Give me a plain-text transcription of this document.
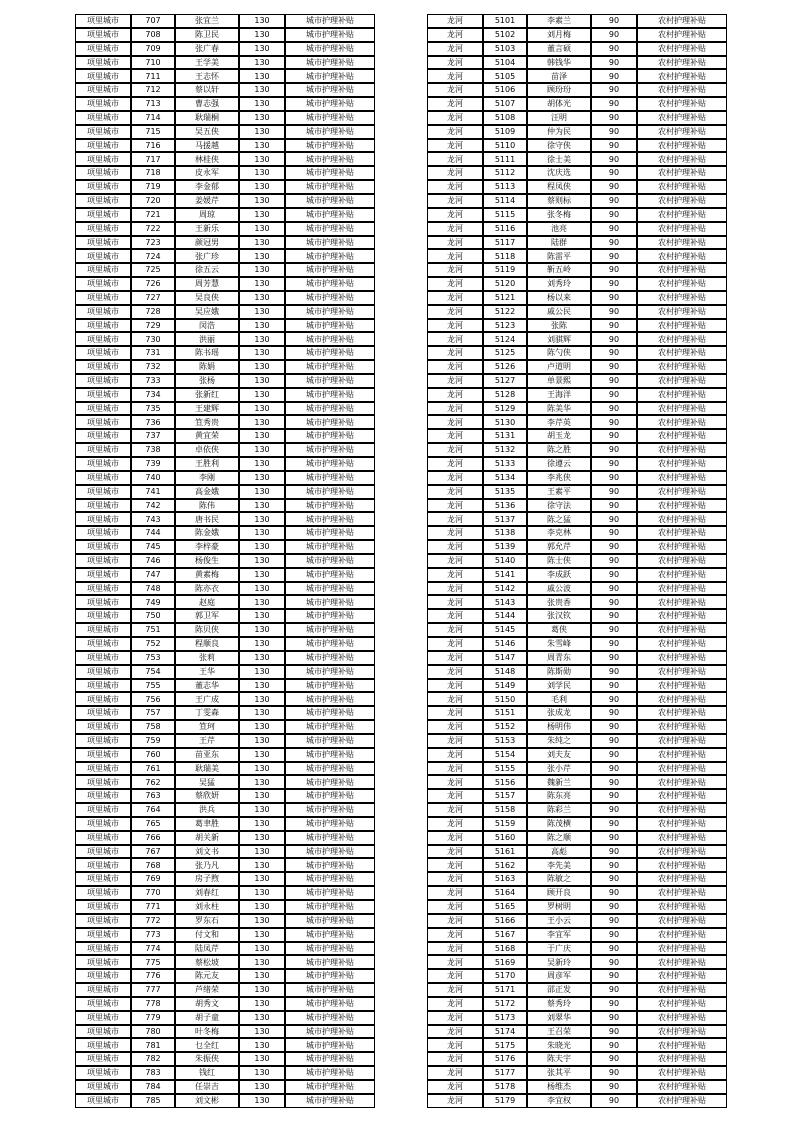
项里城市	707	张宜兰	130	城市护理补贴
项里城市	708	陈卫民	130	城市护理补贴
项里城市	709	张广春	130	城市护理补贴
项里城市	710	王学美	130	城市护理补贴
项里城市	711	王志怀	130	城市护理补贴
项里城市	712	蔡以轩	130	城市护理补贴
项里城市	713	曹志强	130	城市护理补贴
项里城市	714	耿瑞桐	130	城市护理补贴
项里城市	715	吴五侠	130	城市护理补贴
项里城市	716	马援越	130	城市护理补贴
项里城市	717	林桂侠	130	城市护理补贴
项里城市	718	皮永军	130	城市护理补贴
项里城市	719	李金郁	130	城市护理补贴
项里城市	720	姜媛芹	130	城市护理补贴
项里城市	721	周琼	130	城市护理补贴
项里城市	722	王新乐	130	城市护理补贴
项里城市	723	颜冠男	130	城市护理补贴
项里城市	724	张广珍	130	城市护理补贴
项里城市	725	徐五云	130	城市护理补贴
项里城市	726	周芳慧	130	城市护理补贴
项里城市	727	吴良侠	130	城市护理补贴
项里城市	728	吴应娥	130	城市护理补贴
项里城市	729	闵浩	130	城市护理补贴
项里城市	730	洪丽	130	城市护理补贴
项里城市	731	陈书瑶	130	城市护理补贴
项里城市	732	陈娟	130	城市护理补贴
项里城市	733	张杨	130	城市护理补贴
项里城市	734	张新红	130	城市护理补贴
项里城市	735	王建辉	130	城市护理补贴
项里城市	736	笪秀贵	130	城市护理补贴
项里城市	737	黄宜荣	130	城市护理补贴
项里城市	738	卓依侠	130	城市护理补贴
项里城市	739	王胜利	130	城市护理补贴
项里城市	740	李刚	130	城市护理补贴
项里城市	741	高金娥	130	城市护理补贴
项里城市	742	陈伟	130	城市护理补贴
项里城市	743	唐书民	130	城市护理补贴
项里城市	744	陈金娥	130	城市护理补贴
项里城市	745	李梓豪	130	城市护理补贴
项里城市	746	杨俊生	130	城市护理补贴
项里城市	747	黄素梅	130	城市护理补贴
项里城市	748	陈亦衣	130	城市护理补贴
项里城市	749	赵庭	130	城市护理补贴
项里城市	750	郭卫军	130	城市护理补贴
项里城市	751	陈贝侠	130	城市护理补贴
项里城市	752	程顺良	130	城市护理补贴
项里城市	753	张莉	130	城市护理补贴
项里城市	754	王华	130	城市护理补贴
项里城市	755	董志华	130	城市护理补贴
项里城市	756	王广成	130	城市护理补贴
项里城市	757	丁雯森	130	城市护理补贴
项里城市	758	笪珂	130	城市护理补贴
项里城市	759	王芹	130	城市护理补贴
项里城市	760	苗亚东	130	城市护理补贴
项里城市	761	耿瑞美	130	城市护理补贴
项里城市	762	吴猛	130	城市护理补贴
项里城市	763	蔡欣妍	130	城市护理补贴
项里城市	764	洪兵	130	城市护理补贴
项里城市	765	葛聿胜	130	城市护理补贴
项里城市	766	胡关新	130	城市护理补贴
项里城市	767	刘文书	130	城市护理补贴
项里城市	768	张乃凡	130	城市护理补贴
项里城市	769	房子煦	130	城市护理补贴
项里城市	770	刘春红	130	城市护理补贴
项里城市	771	刘永柱	130	城市护理补贴
项里城市	772	罗东石	130	城市护理补贴
项里城市	773	付文和	130	城市护理补贴
项里城市	774	陆凤芹	130	城市护理补贴
项里城市	775	蔡松坡	130	城市护理补贴
项里城市	776	陈元友	130	城市护理补贴
项里城市	777	芦绪荣	130	城市护理补贴
项里城市	778	胡秀文	130	城市护理补贴
项里城市	779	胡子童	130	城市护理补贴
项里城市	780	叶冬梅	130	城市护理补贴
项里城市	781	乜全红	130	城市护理补贴
项里城市	782	朱振侠	130	城市护理补贴
项里城市	783	钱红	130	城市护理补贴
项里城市	784	任崇吉	130	城市护理补贴
项里城市	785	刘文彬	130	城市护理补贴
龙河	5101	李素兰	90	农村护理补贴
龙河	5102	刘月梅	90	农村护理补贴
龙河	5103	董言硕	90	农村护理补贴
龙河	5104	韩钱华	90	农村护理补贴
龙河	5105	苗泽	90	农村护理补贴
龙河	5106	顾玢玢	90	农村护理补贴
龙河	5107	胡体光	90	农村护理补贴
龙河	5108	汪明	90	农村护理补贴
龙河	5109	仲为民	90	农村护理补贴
龙河	5110	徐守侠	90	农村护理补贴
龙河	5111	徐士美	90	农村护理补贴
龙河	5112	沈庆选	90	农村护理补贴
龙河	5113	程凤侠	90	农村护理补贴
龙河	5114	蔡则标	90	农村护理补贴
龙河	5115	张冬梅	90	农村护理补贴
龙河	5116	池亮	90	农村护理补贴
龙河	5117	陆群	90	农村护理补贴
龙河	5118	陈雷平	90	农村护理补贴
龙河	5119	靳五岭	90	农村护理补贴
龙河	5120	刘秀玲	90	农村护理补贴
龙河	5121	杨以来	90	农村护理补贴
龙河	5122	戚公民	90	农村护理补贴
龙河	5123	张陈	90	农村护理补贴
龙河	5124	刘骐辉	90	农村护理补贴
龙河	5125	陈勺侠	90	农村护理补贴
龙河	5126	卢道明	90	农村护理补贴
龙河	5127	单景熙	90	农村护理补贴
龙河	5128	王海洋	90	农村护理补贴
龙河	5129	陈美华	90	农村护理补贴
龙河	5130	李芹英	90	农村护理补贴
龙河	5131	胡玉龙	90	农村护理补贴
龙河	5132	陈之胜	90	农村护理补贴
龙河	5133	徐遵云	90	农村护理补贴
龙河	5134	李兆侠	90	农村护理补贴
龙河	5135	王素平	90	农村护理补贴
龙河	5136	徐守法	90	农村护理补贴
龙河	5137	陈之猛	90	农村护理补贴
龙河	5138	李克林	90	农村护理补贴
龙河	5139	郭允芹	90	农村护理补贴
龙河	5140	陈士侠	90	农村护理补贴
龙河	5141	李成跃	90	农村护理补贴
龙河	5142	戚公波	90	农村护理补贴
龙河	5143	张贵香	90	农村护理补贴
龙河	5144	张汉钦	90	农村护理补贴
龙河	5145	葛侠	90	农村护理补贴
龙河	5146	朱雪峰	90	农村护理补贴
龙河	5147	周青东	90	农村护理补贴
龙河	5148	陈斯勋	90	农村护理补贴
龙河	5149	刘学民	90	农村护理补贴
龙河	5150	毛利	90	农村护理补贴
龙河	5151	张成龙	90	农村护理补贴
龙河	5152	杨明伟	90	农村护理补贴
龙河	5153	朱纯之	90	农村护理补贴
龙河	5154	刘夫友	90	农村护理补贴
龙河	5155	张小芹	90	农村护理补贴
龙河	5156	魏新兰	90	农村护理补贴
龙河	5157	陈东亮	90	农村护理补贴
龙河	5158	陈彩兰	90	农村护理补贴
龙河	5159	陈茂横	90	农村护理补贴
龙河	5160	陈之顺	90	农村护理补贴
龙河	5161	高彪	90	农村护理补贴
龙河	5162	李先美	90	农村护理补贴
龙河	5163	陈敏之	90	农村护理补贴
龙河	5164	顾开良	90	农村护理补贴
龙河	5165	罗树明	90	农村护理补贴
龙河	5166	王小云	90	农村护理补贴
龙河	5167	李宜军	90	农村护理补贴
龙河	5168	于广庆	90	农村护理补贴
龙河	5169	吴新玲	90	农村护理补贴
龙河	5170	周彦军	90	农村护理补贴
龙河	5171	邵正发	90	农村护理补贴
龙河	5172	蔡秀玲	90	农村护理补贴
龙河	5173	刘翠华	90	农村护理补贴
龙河	5174	王召荣	90	农村护理补贴
龙河	5175	朱晓光	90	农村护理补贴
龙河	5176	陈夫宇	90	农村护理补贴
龙河	5177	张其平	90	农村护理补贴
龙河	5178	杨维杰	90	农村护理补贴
龙河	5179	李宜权	90	农村护理补贴
